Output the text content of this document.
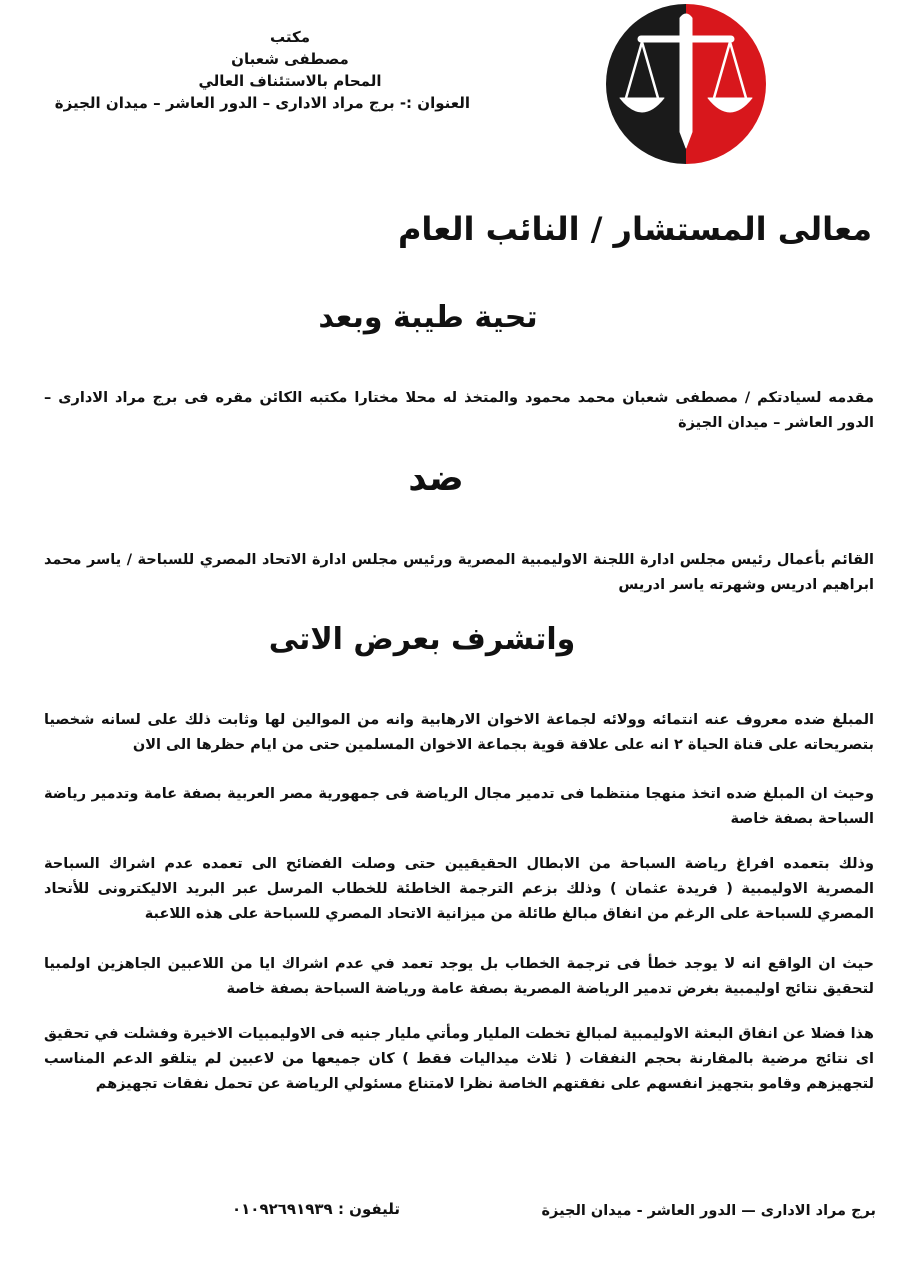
مكتب
مصطفى شعبان
المحام بالاستئناف العالي
العنوان :- برج مراد الادارى – الدور العاشر – ميدان الجيزة
معالى المستشار / النائب العام
تحية طيبة وبعد
مقدمه لسيادتكم / مصطفى شعبان محمد محمود والمتخذ له محلا مختارا مكتبه الكائن مقره فى برج مراد الادارى – الدور العاشر – ميدان الجيزة
ضد
القائم بأعمال رئيس مجلس ادارة اللجنة الاوليمبية المصرية ورئيس مجلس ادارة الاتحاد المصري للسباحة / ياسر محمد ابراهيم ادريس وشهرته ياسر ادريس
واتشرف بعرض الاتى
المبلغ ضده معروف عنه انتمائه وولائه لجماعة الاخوان الارهابية وانه من الموالين لها وثابت ذلك على لسانه شخصيا بتصريحاته على قناة الحياة ٢ انه على علاقة قوية بجماعة الاخوان المسلمين حتى من ايام حظرها الى الان
وحيث ان المبلغ ضده اتخذ منهجا منتظما فى تدمير مجال الرياضة فى جمهورية مصر العربية بصفة عامة وتدمير رياضة السباحة بصفة خاصة
وذلك بتعمده افراغ رياضة السباحة من الابطال الحقيقيين حتى وصلت الفضائح الى تعمده عدم اشراك السباحة المصرية الاوليمبية ( فريدة عثمان ) وذلك بزعم الترجمة الخاطئة للخطاب المرسل عبر البريد الاليكترونى للأتحاد المصري للسباحة على الرغم من انفاق مبالغ طائلة من ميزانية الاتحاد المصري للسباحة على هذه اللاعبة
حيث ان الواقع انه لا يوجد خطأ فى ترجمة الخطاب بل يوجد تعمد في عدم اشراك ايا من اللاعبين الجاهزين اولمبيا لتحقيق نتائج اوليمبية بغرض تدمير الرياضة المصرية بصفة عامة ورياضة السباحة بصفة خاصة
هذا فضلا عن انفاق البعثة الاوليمبية لمبالغ تخطت المليار ومأتي مليار جنيه فى الاوليمبيات الاخيرة وفشلت في تحقيق اى نتائج مرضية بالمقارنة بحجم النفقات ( ثلاث ميداليات فقط ) كان جميعها من لاعبين لم يتلقو الدعم المناسب لتجهيزهم وقامو بتجهيز انفسهم على نفقتهم الخاصة نظرا لامتناع مسئولي الرياضة عن تحمل نفقات تجهيزهم
برج مراد الادارى — الدور العاشر - ميدان الجيزة
تليفون : ٠١٠٩٢٦٩١٩٣٩
